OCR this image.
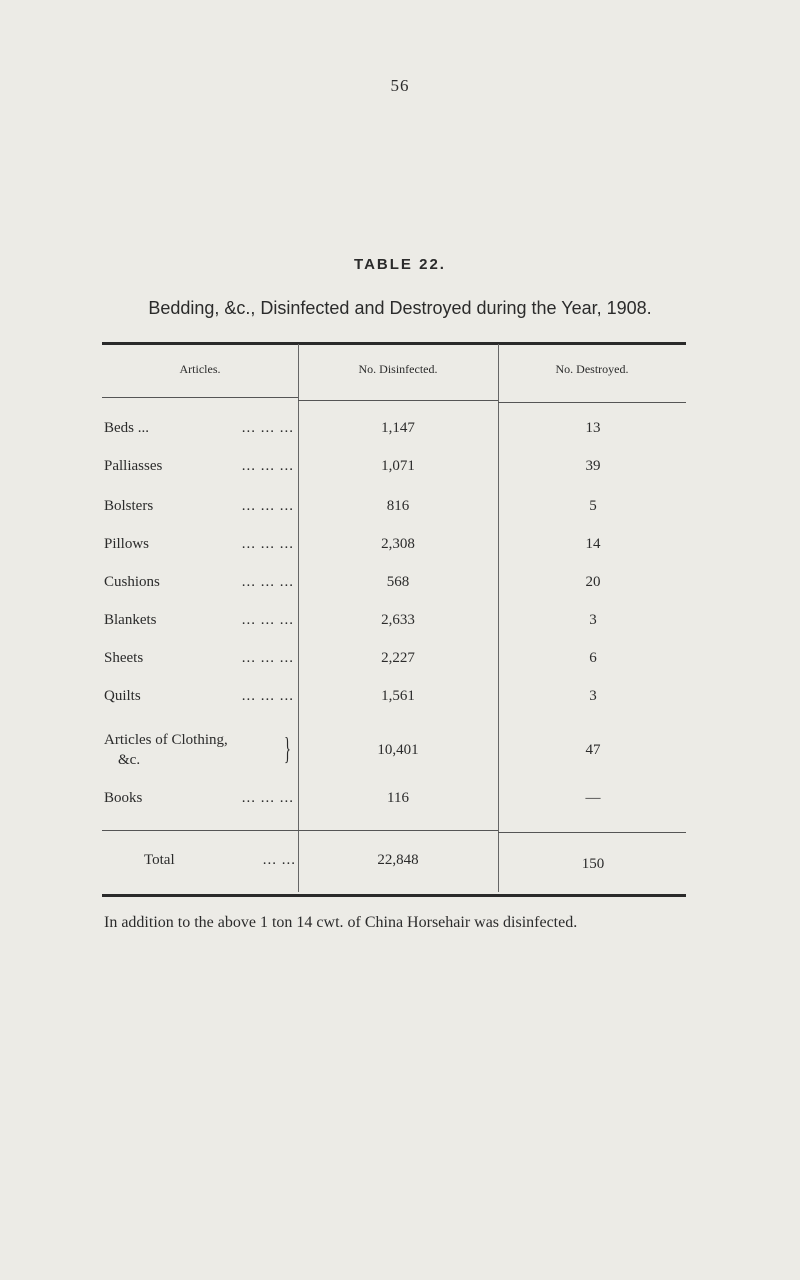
56
TABLE 22.
Bedding, &c., Disinfected and Destroyed during the Year, 1908.
Articles.	No. Disinfected.	No. Destroyed.
Beds ...	... ... ...	1,147	13
Palliasses	... ... ...	1,071	39
Bolsters	... ... ...	816	5
Pillows	... ... ...	2,308	14
Cushions	... ... ...	568	20
Blankets	... ... ...	2,633	3
Sheets	... ... ...	2,227	6
Quilts	... ... ...	1,561	3
Articles of Clothing,
&c.	}	10,401	47
Books	... ... ...	116	—
Total	... ...	22,848	150
In addition to the above 1 ton 14 cwt. of China Horsehair was disinfected.
